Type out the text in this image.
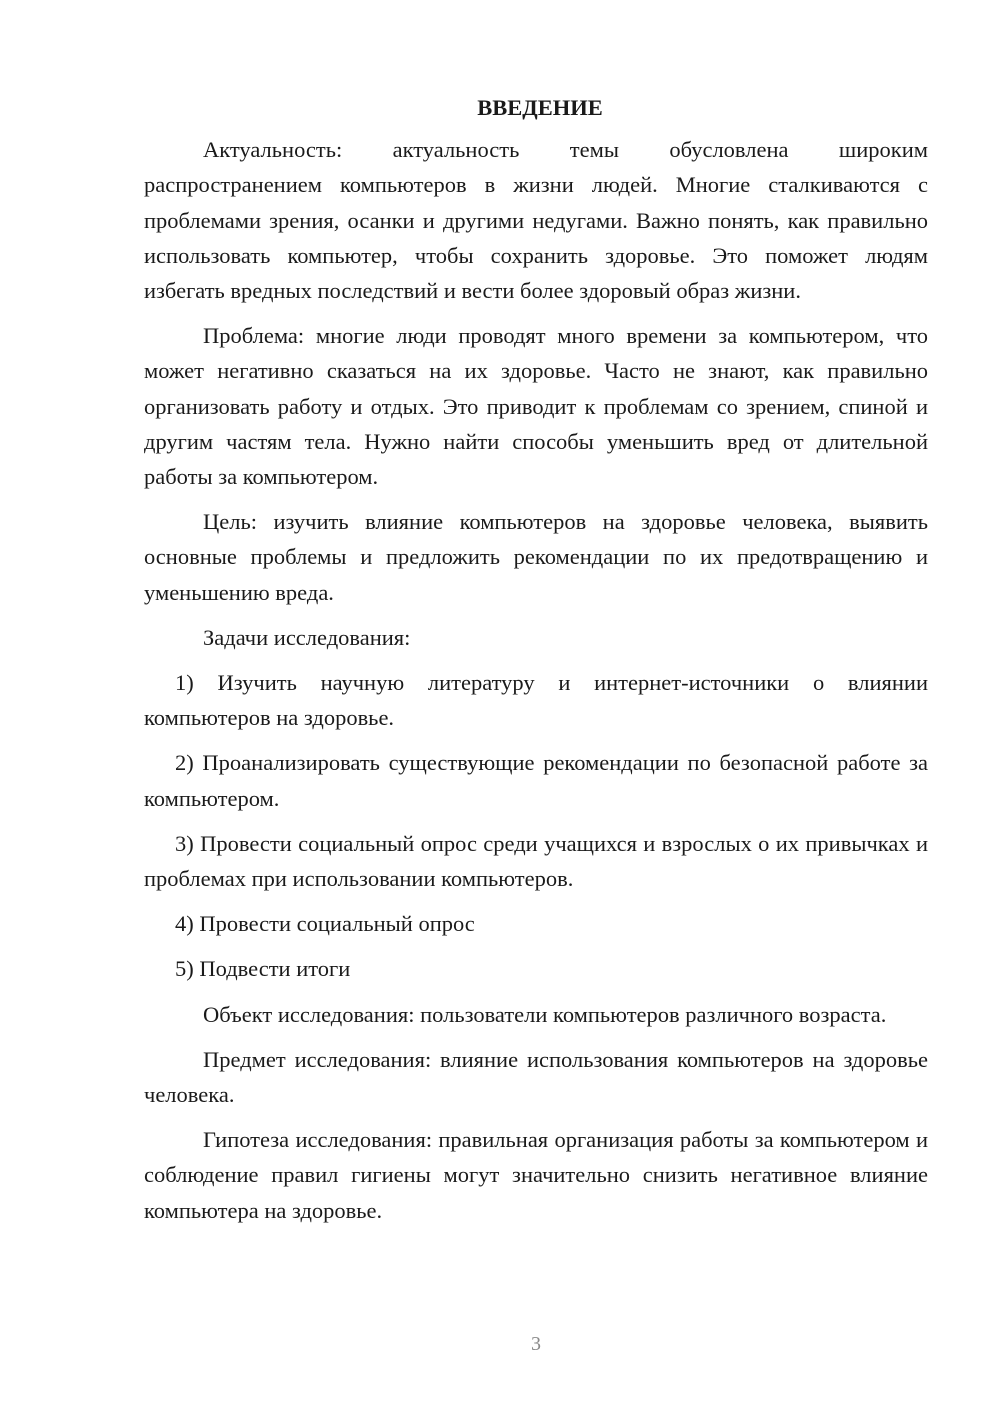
ВВЕДЕНИЕ

Актуальность: актуальность темы обусловлена широким распространением компьютеров в жизни людей. Многие сталкиваются с проблемами зрения, осанки и другими недугами. Важно понять, как правильно использовать компьютер, чтобы сохранить здоровье. Это поможет людям избегать вредных последствий и вести более здоровый образ жизни.

Проблема: многие люди проводят много времени за компьютером, что может негативно сказаться на их здоровье. Часто не знают, как правильно организовать работу и отдых. Это приводит к проблемам со зрением, спиной и другим частям тела. Нужно найти способы уменьшить вред от длительной работы за компьютером.

Цель: изучить влияние компьютеров на здоровье человека, выявить основные проблемы и предложить рекомендации по их предотвращению и уменьшению вреда.

Задачи исследования:

1) Изучить научную литературу и интернет-источники о влиянии компьютеров на здоровье.

2) Проанализировать существующие рекомендации по безопасной работе за компьютером.

3) Провести социальный опрос среди учащихся и взрослых о их привычках и проблемах при использовании компьютеров.

4) Провести социальный опрос

5) Подвести итоги

Объект исследования: пользователи компьютеров различного возраста.

Предмет исследования: влияние использования компьютеров на здоровье человека.

Гипотеза исследования: правильная организация работы за компьютером и соблюдение правил гигиены могут значительно снизить негативное влияние компьютера на здоровье.

3
